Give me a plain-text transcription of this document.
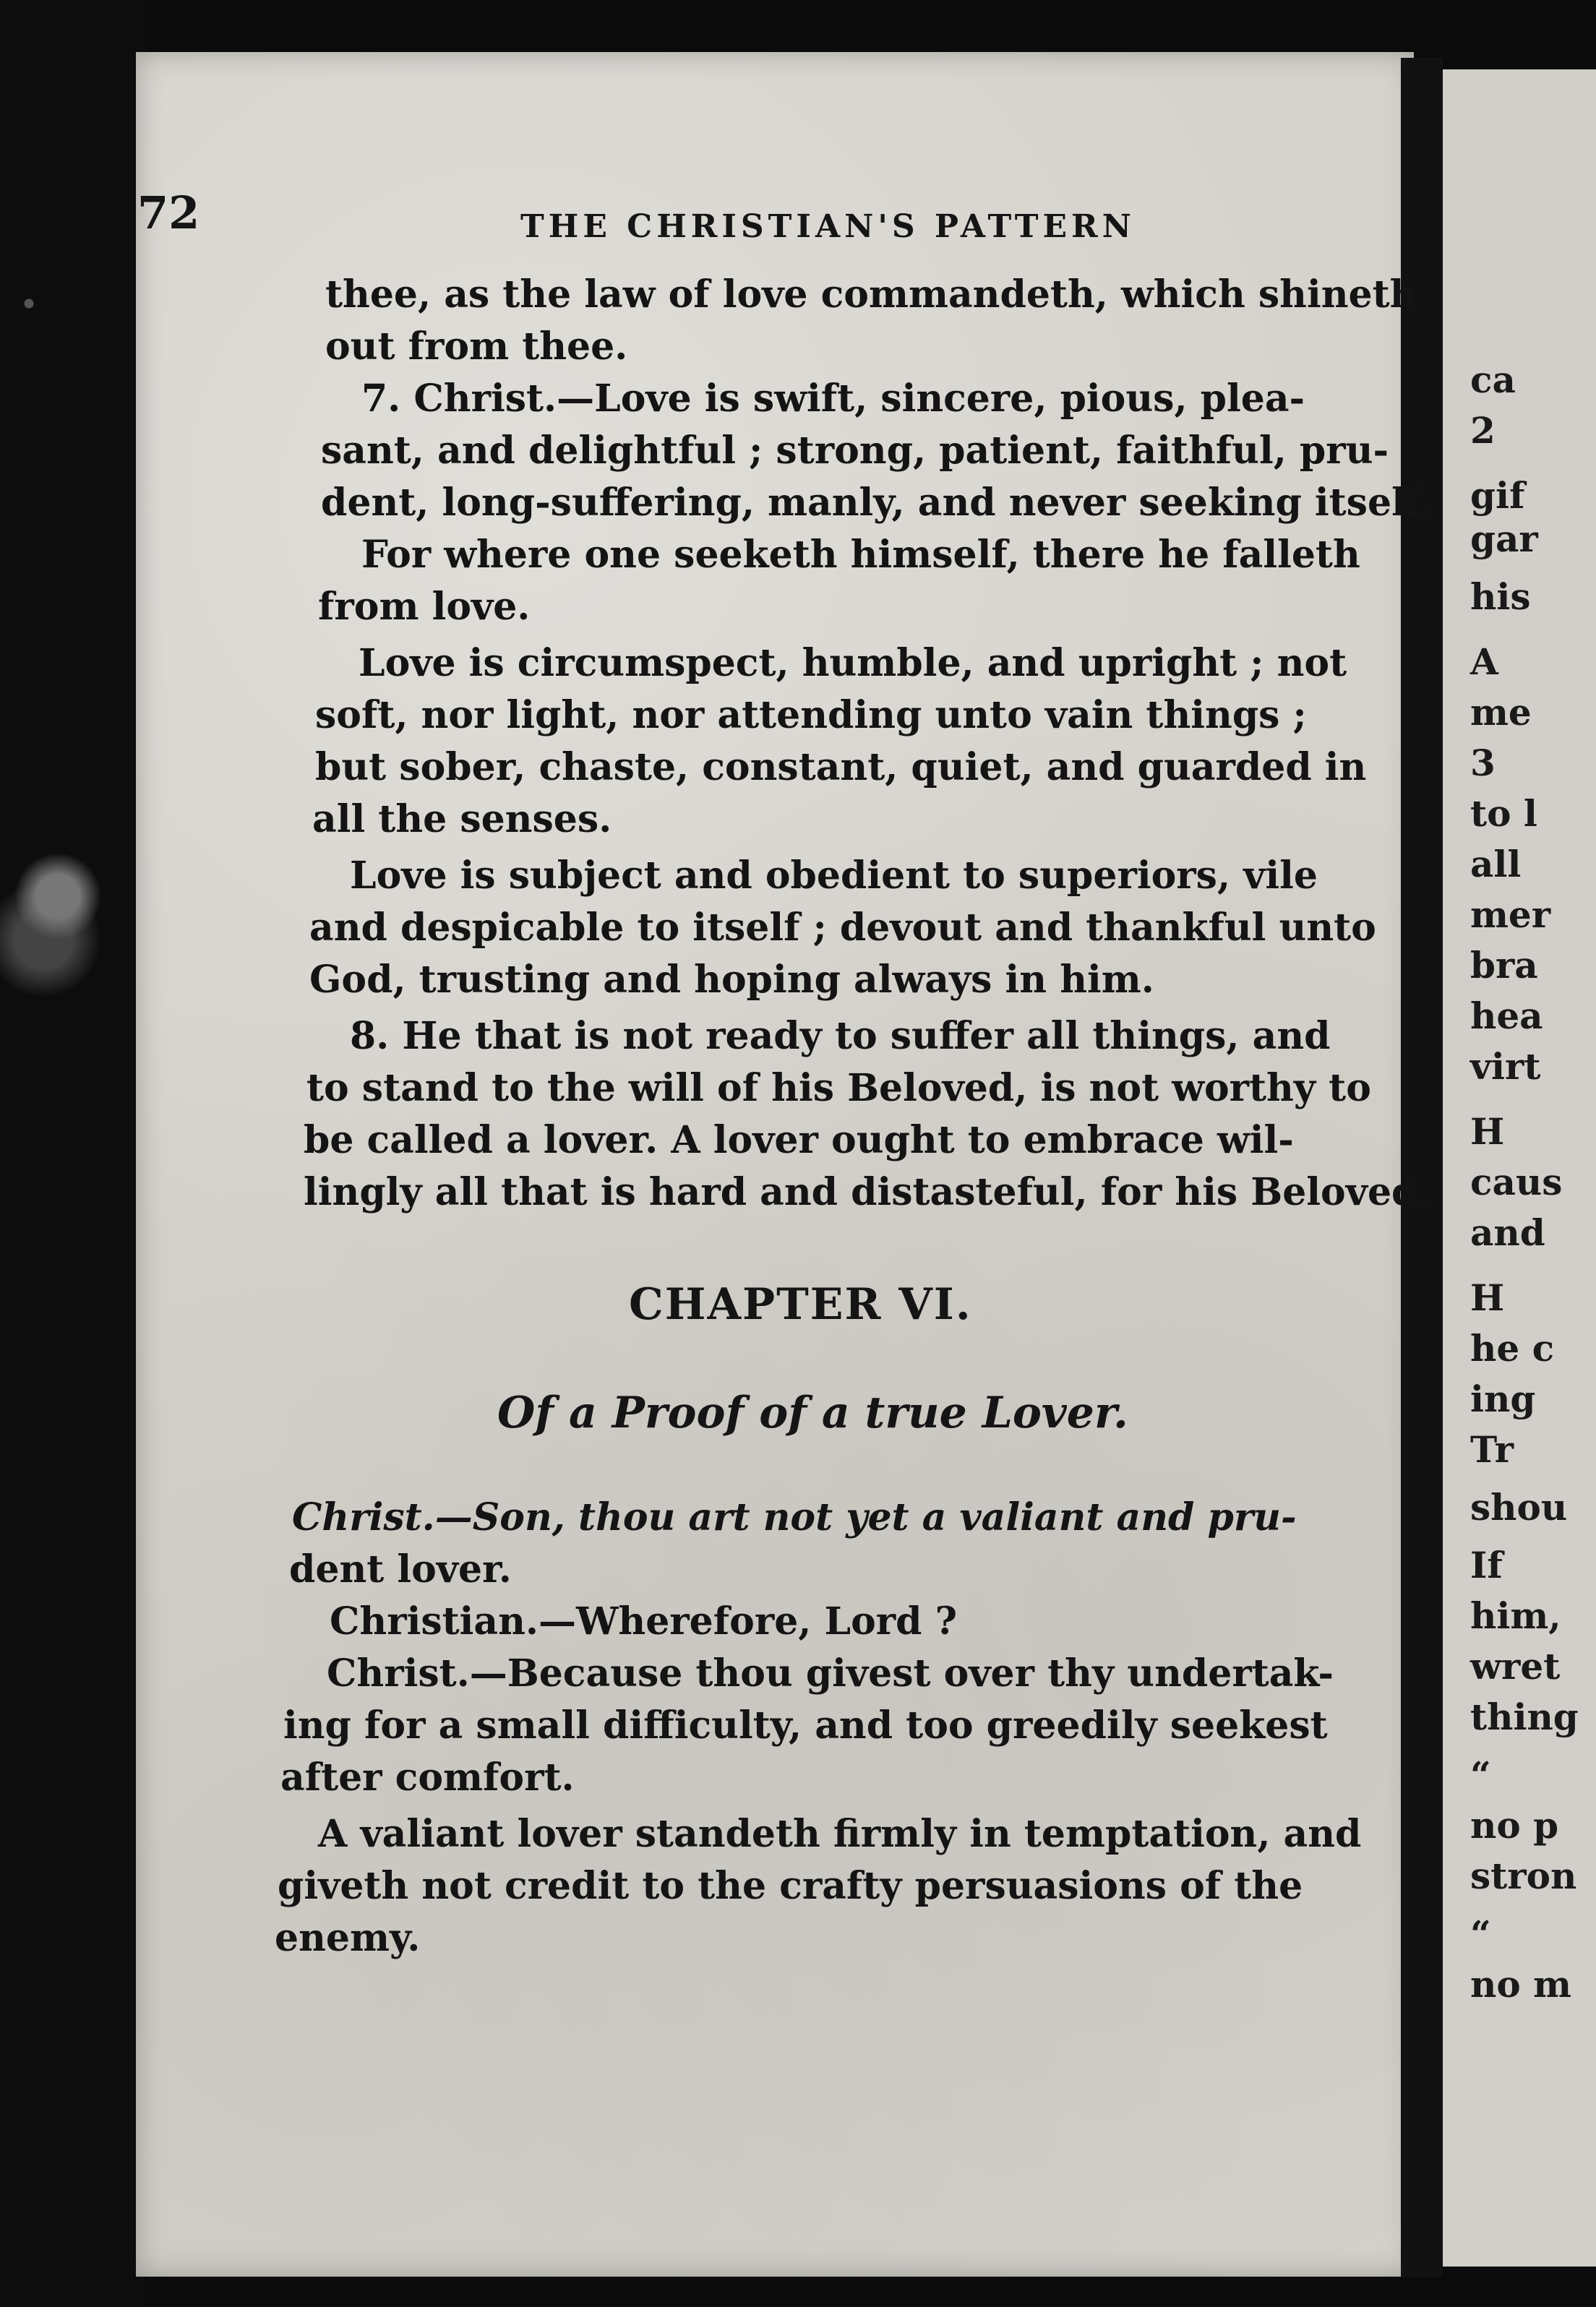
ca
2
gif
gar
his
A
me
3
to l
all
mer
bra
hea
virt
H
caus
and
H
he c
ing
Tr
shou
If
him,
wret
thing
“
no p
stron
“
no m
72	THE CHRISTIAN'S PATTERN
thee, as the law of love commandeth, which shineth
out from thee.
7. Christ.—Love is swift, sincere, pious, plea-
sant, and delightful ; strong, patient, faithful, pru-
dent, long-suffering, manly, and never seeking itself.
For where one seeketh himself, there he falleth
from love.
Love is circumspect, humble, and upright ; not
soft, nor light, nor attending unto vain things ;
but sober, chaste, constant, quiet, and guarded in
all the senses.
Love is subject and obedient to superiors, vile
and despicable to itself ; devout and thankful unto
God, trusting and hoping always in him.
8. He that is not ready to suffer all things, and
to stand to the will of his Beloved, is not worthy to
be called a lover. A lover ought to embrace wil-
lingly all that is hard and distasteful, for his Beloved.
CHAPTER VI.
Of a Proof of a true Lover.
Christ.—Son, thou art not yet a valiant and pru-
dent lover.
Christian.—Wherefore, Lord ?
Christ.—Because thou givest over thy undertak-
ing for a small difficulty, and too greedily seekest
after comfort.
A valiant lover standeth firmly in temptation, and
giveth not credit to the crafty persuasions of the
enemy.
